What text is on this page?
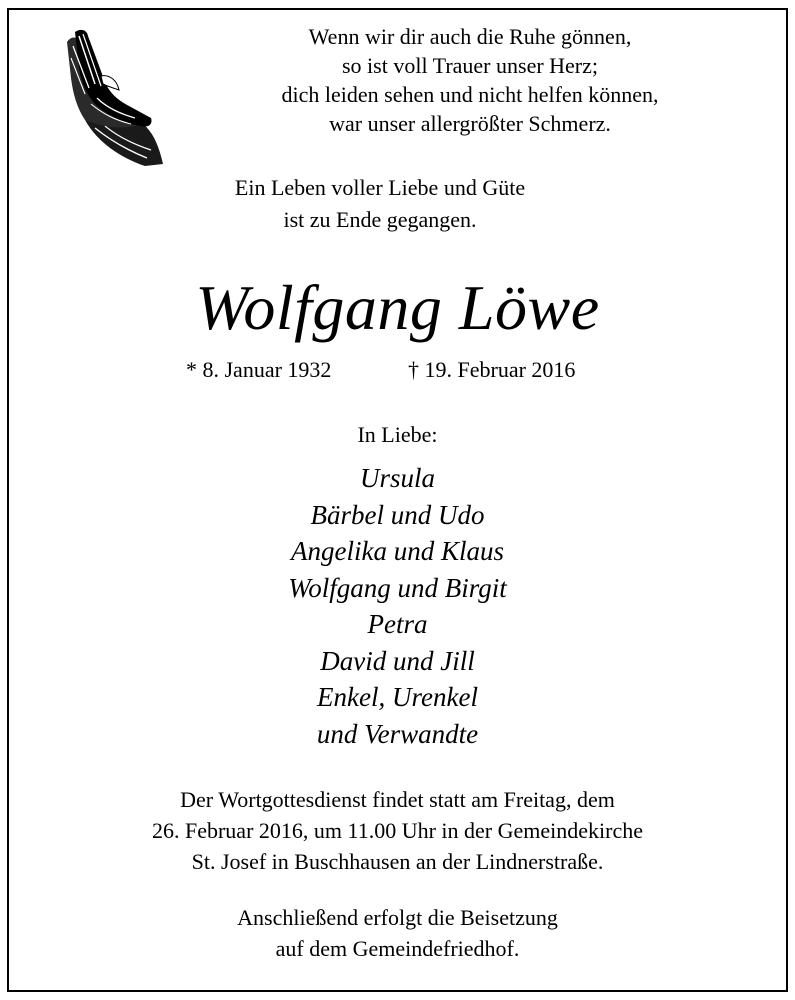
Wenn wir dir auch die Ruhe gönnen,
so ist voll Trauer unser Herz;
dich leiden sehen und nicht helfen können,
war unser allergrößter Schmerz.
Ein Leben voller Liebe und Güte
ist zu Ende gegangen.
Wolfgang Löwe
* 8. Januar 1932	† 19. Februar 2016
In Liebe:
Ursula
Bärbel und Udo
Angelika und Klaus
Wolfgang und Birgit
Petra
David und Jill
Enkel, Urenkel
und Verwandte
Der Wortgottesdienst findet statt am Freitag, dem
26. Februar 2016, um 11.00 Uhr in der Gemeindekirche
St. Josef in Buschhausen an der Lindnerstraße.
Anschließend erfolgt die Beisetzung
auf dem Gemeindefriedhof.
